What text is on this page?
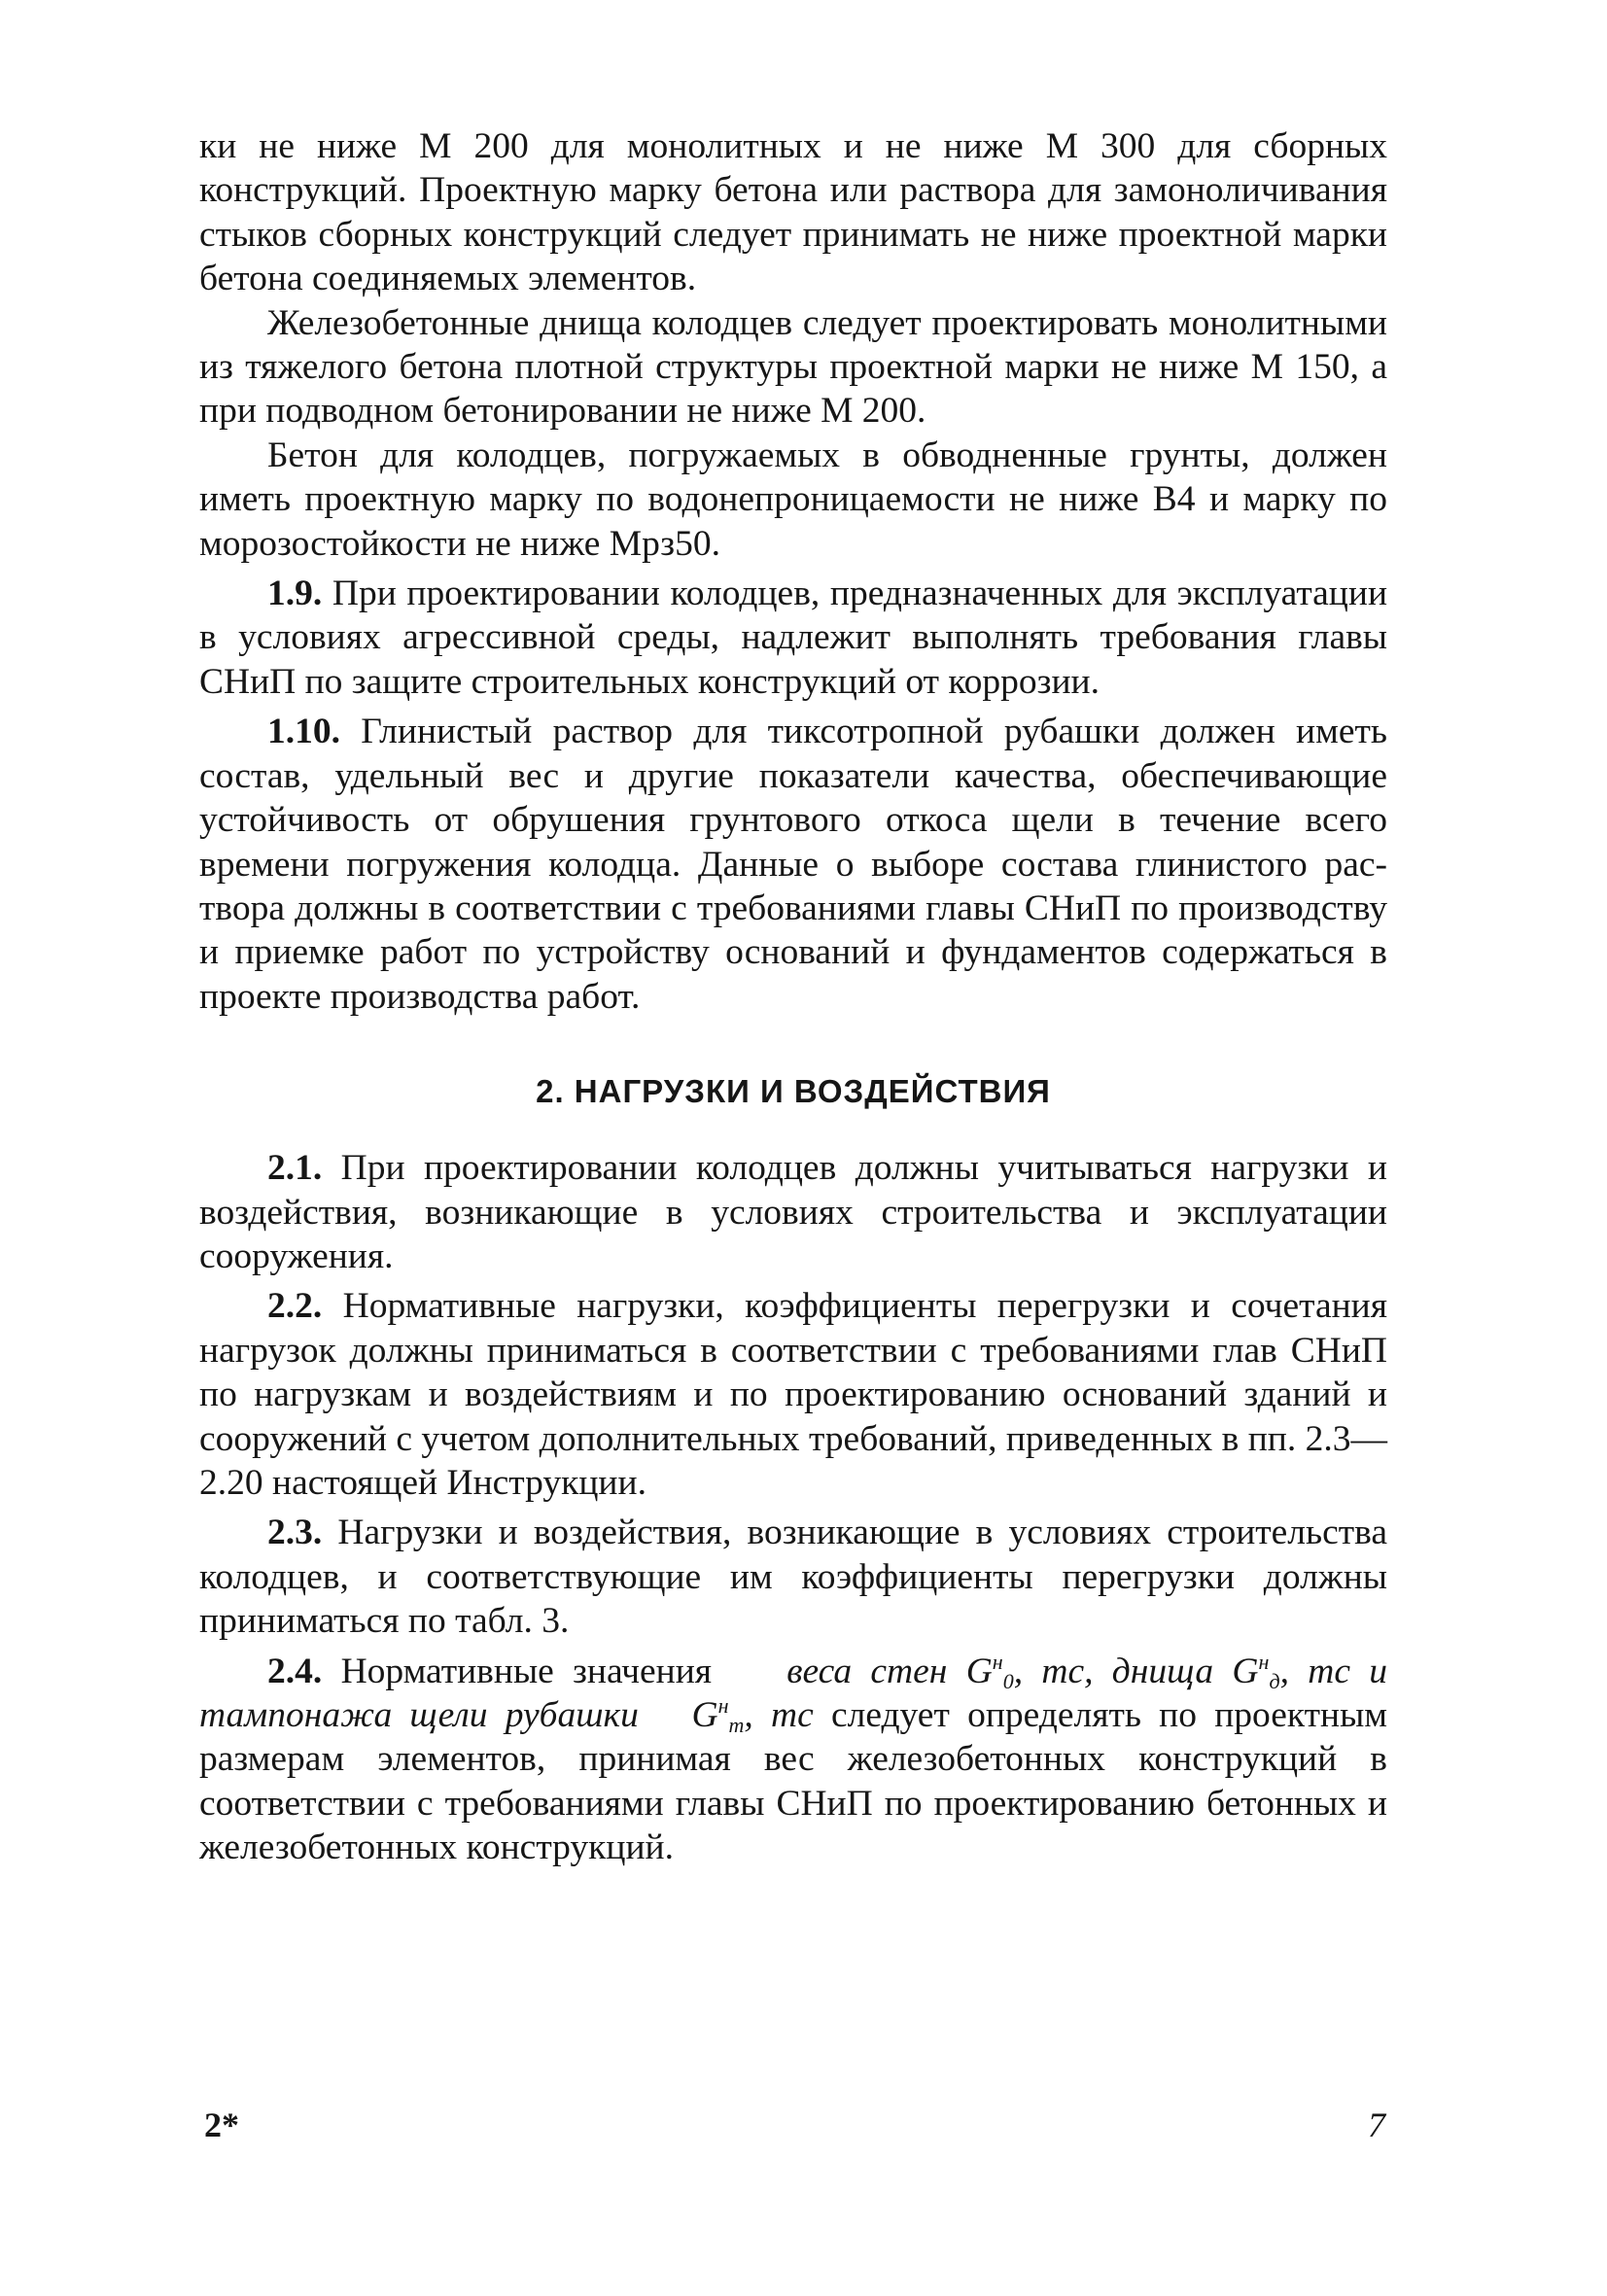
ки не ниже М 200 для монолитных и не ниже М 300 для сборных конструкций. Проектную марку бетона или раствора для замоноличивания стыков сборных конструкций следует принимать не ниже проектной марки бетона соединяемых элементов.

Железобетонные днища колодцев следует проектировать монолитными из тяжелого бетона плотной структуры проектной марки не ниже М 150, а при подводном бетонировании не ниже М 200.

Бетон для колодцев, погружаемых в обводненные грунты, должен иметь проектную марку по водонепроницаемости не ниже В4 и марку по морозостойкости не ниже Мрз50.

1.9. При проектировании колодцев, предназначенных для эксплуатации в условиях агрессивной среды, надлежит выполнять требования главы СНиП по защите строительных конструкций от коррозии.

1.10. Глинистый раствор для тиксотропной рубашки должен иметь состав, удельный вес и другие показатели качества, обеспечивающие устойчивость от обрушения грунтового откоса щели в течение всего времени погружения колодца. Данные о выборе состава глинистого раствора должны в соответствии с требованиями главы СНиП по производству и приемке работ по устройству оснований и фундаментов содержаться в проекте производства работ.

2. НАГРУЗКИ И ВОЗДЕЙСТВИЯ

2.1. При проектировании колодцев должны учитываться нагрузки и воздействия, возникающие в условиях строительства и эксплуатации сооружения.

2.2. Нормативные нагрузки, коэффициенты перегрузки и сочетания нагрузок должны приниматься в соответствии с требованиями глав СНиП по нагрузкам и воздействиям и по проектированию оснований зданий и сооружений с учетом дополнительных требований, приведенных в пп. 2.3—2.20 настоящей Инструкции.

2.3. Нагрузки и воздействия, возникающие в условиях строительства колодцев, и соответствующие им коэффициенты перегрузки должны приниматься по табл. 3.

2.4. Нормативные значения веса стен $G^н_0$, тс, днища $G^н_д$, тс и тампонажа щели рубашки $G^н_т$, тс следует определять по проектным размерам элементов, принимая вес железобетонных конструкций в соответствии с требованиями главы СНиП по проектированию бетонных и железобетонных конструкций.

2*	7
